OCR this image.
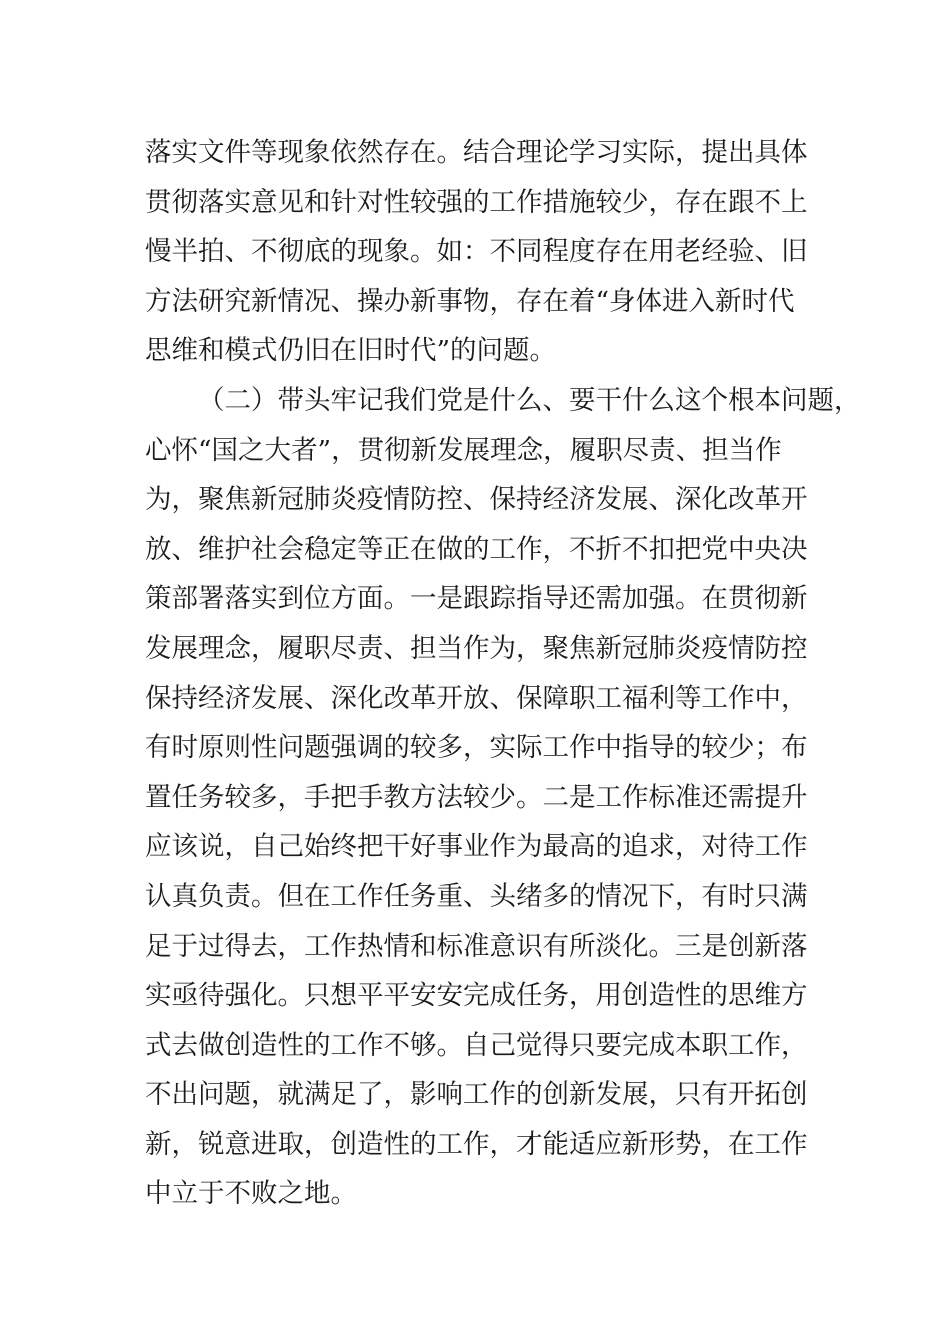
落实文件等现象依然存在。结合理论学习实际，提出具体
贯彻落实意见和针对性较强的工作措施较少，存在跟不上
慢半拍、不彻底的现象。如：不同程度存在用老经验、旧
方法研究新情况、操办新事物，存在着“身体进入新时代
思维和模式仍旧在旧时代”的问题。
（二）带头牢记我们党是什么、要干什么这个根本问题，
心怀“国之大者”，贯彻新发展理念，履职尽责、担当作
为，聚焦新冠肺炎疫情防控、保持经济发展、深化改革开
放、维护社会稳定等正在做的工作，不折不扣把党中央决
策部署落实到位方面。一是跟踪指导还需加强。在贯彻新
发展理念，履职尽责、担当作为，聚焦新冠肺炎疫情防控
保持经济发展、深化改革开放、保障职工福利等工作中，
有时原则性问题强调的较多，实际工作中指导的较少；布
置任务较多，手把手教方法较少。二是工作标准还需提升
应该说，自己始终把干好事业作为最高的追求，对待工作
认真负责。但在工作任务重、头绪多的情况下，有时只满
足于过得去，工作热情和标准意识有所淡化。三是创新落
实亟待强化。只想平平安安完成任务，用创造性的思维方
式去做创造性的工作不够。自己觉得只要完成本职工作，
不出问题，就满足了，影响工作的创新发展，只有开拓创
新，锐意进取，创造性的工作，才能适应新形势，在工作
中立于不败之地。
